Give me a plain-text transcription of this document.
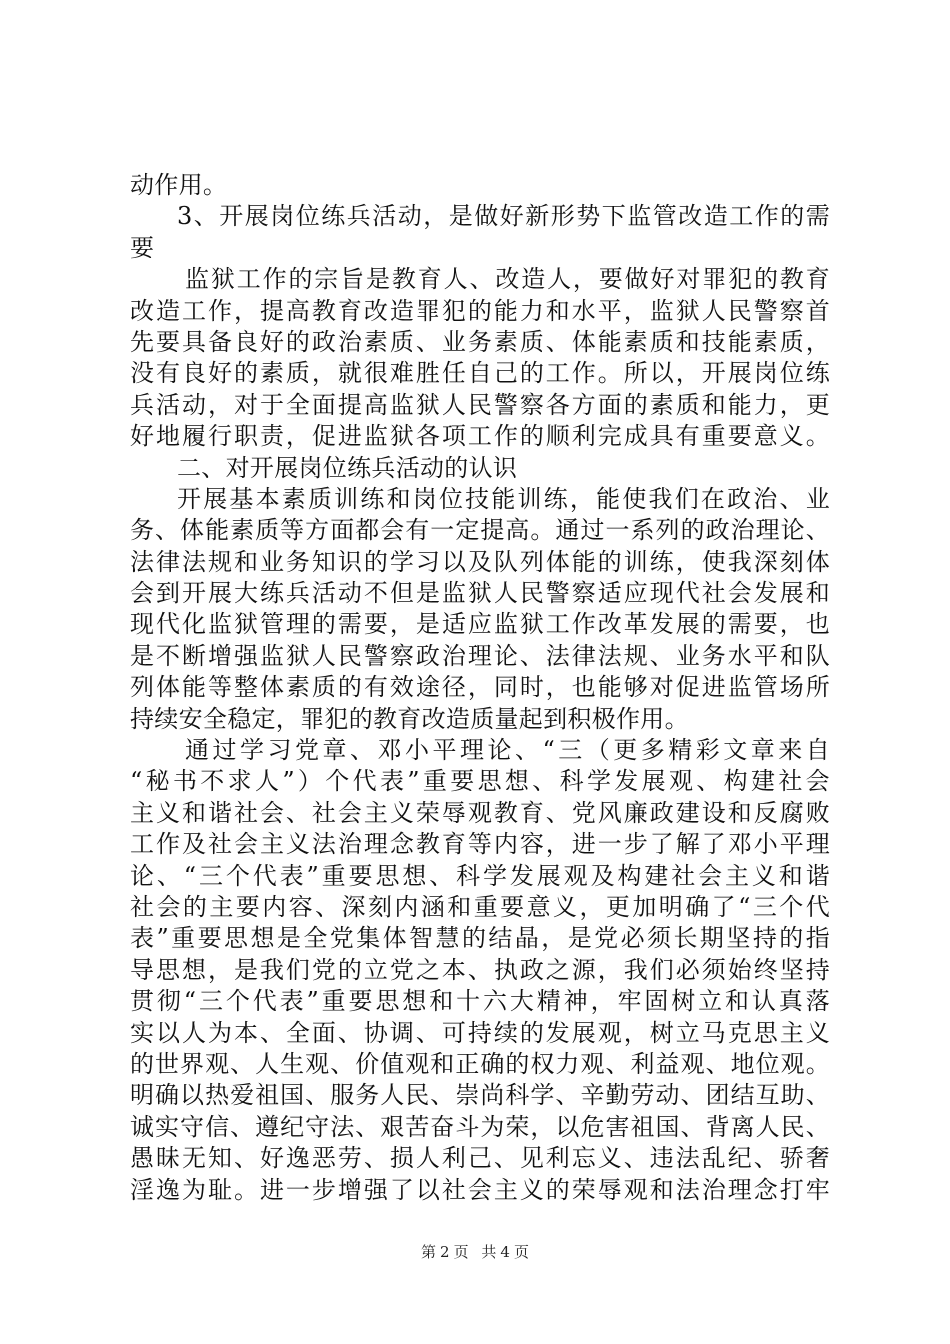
动作用。
3、开展岗位练兵活动，是做好新形势下监管改造工作的需
要
监狱工作的宗旨是教育人、改造人，要做好对罪犯的教育
改造工作，提高教育改造罪犯的能力和水平，监狱人民警察首
先要具备良好的政治素质、业务素质、体能素质和技能素质，
没有良好的素质，就很难胜任自己的工作。所以，开展岗位练
兵活动，对于全面提高监狱人民警察各方面的素质和能力，更
好地履行职责，促进监狱各项工作的顺利完成具有重要意义。
二、对开展岗位练兵活动的认识
开展基本素质训练和岗位技能训练，能使我们在政治、业
务、体能素质等方面都会有一定提高。通过一系列的政治理论、
法律法规和业务知识的学习以及队列体能的训练，使我深刻体
会到开展大练兵活动不但是监狱人民警察适应现代社会发展和
现代化监狱管理的需要，是适应监狱工作改革发展的需要，也
是不断增强监狱人民警察政治理论、法律法规、业务水平和队
列体能等整体素质的有效途径，同时，也能够对促进监管场所
持续安全稳定，罪犯的教育改造质量起到积极作用。
通过学习党章、邓小平理论、“三（更多精彩文章来自
“秘书不求人”）个代表”重要思想、科学发展观、构建社会
主义和谐社会、社会主义荣辱观教育、党风廉政建设和反腐败
工作及社会主义法治理念教育等内容，进一步了解了邓小平理
论、“三个代表”重要思想、科学发展观及构建社会主义和谐
社会的主要内容、深刻内涵和重要意义，更加明确了“三个代
表”重要思想是全党集体智慧的结晶，是党必须长期坚持的指
导思想，是我们党的立党之本、执政之源，我们必须始终坚持
贯彻“三个代表”重要思想和十六大精神，牢固树立和认真落
实以人为本、全面、协调、可持续的发展观，树立马克思主义
的世界观、人生观、价值观和正确的权力观、利益观、地位观。
明确以热爱祖国、服务人民、崇尚科学、辛勤劳动、团结互助、
诚实守信、遵纪守法、艰苦奋斗为荣，以危害祖国、背离人民、
愚昧无知、好逸恶劳、损人利己、见利忘义、违法乱纪、骄奢
淫逸为耻。进一步增强了以社会主义的荣辱观和法治理念打牢
第 2 页 共 4 页
